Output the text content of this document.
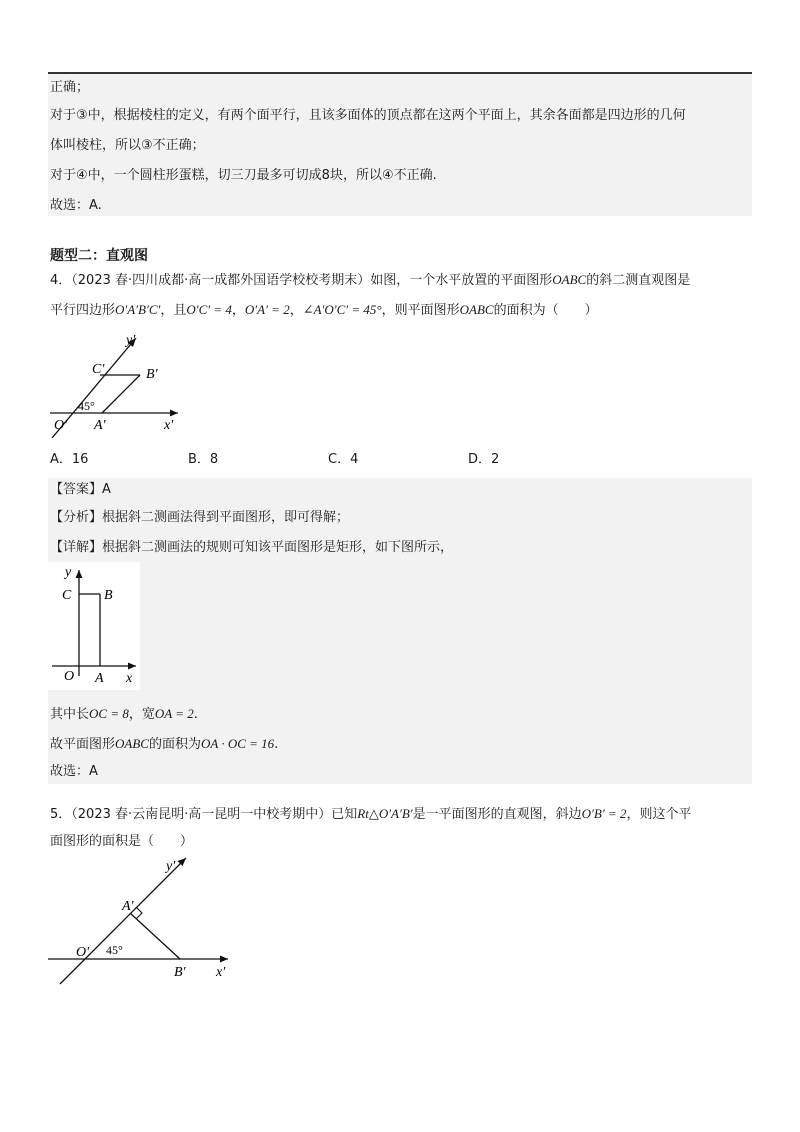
正确；
对于③中，根据棱柱的定义，有两个面平行，且该多面体的顶点都在这两个平面上，其余各面都是四边形的几何
体叫棱柱，所以③不正确；
对于④中，一个圆柱形蛋糕，切三刀最多可切成8块，所以④不正确.
故选：A.
题型二：直观图
4．（2023 春·四川成都·高一成都外国语学校校考期末）如图，一个水平放置的平面图形OABC的斜二测直观图是
平行四边形O′A′B′C′，且O′C′ = 4，O′A′ = 2，∠A′O′C′ = 45°，则平面图形OABC的面积为（　　）
y′
C′	B′
45°
O′ A′	x′
A．16	B．8	C．4	D．2
【答案】A
【分析】根据斜二测画法得到平面图形，即可得解；
【详解】根据斜二测画法的规则可知该平面图形是矩形，如下图所示，
y
C B
O A x
其中长OC = 8，宽OA = 2.
故平面图形OABC的面积为OA · OC = 16.
故选：A
5．（2023 春·云南昆明·高一昆明一中校考期中）已知Rt△O′A′B′是一平面图形的直观图，斜边O′B′ = 2，则这个平
面图形的面积是（　　）
y′
A′
45°
O′
B′ x′
